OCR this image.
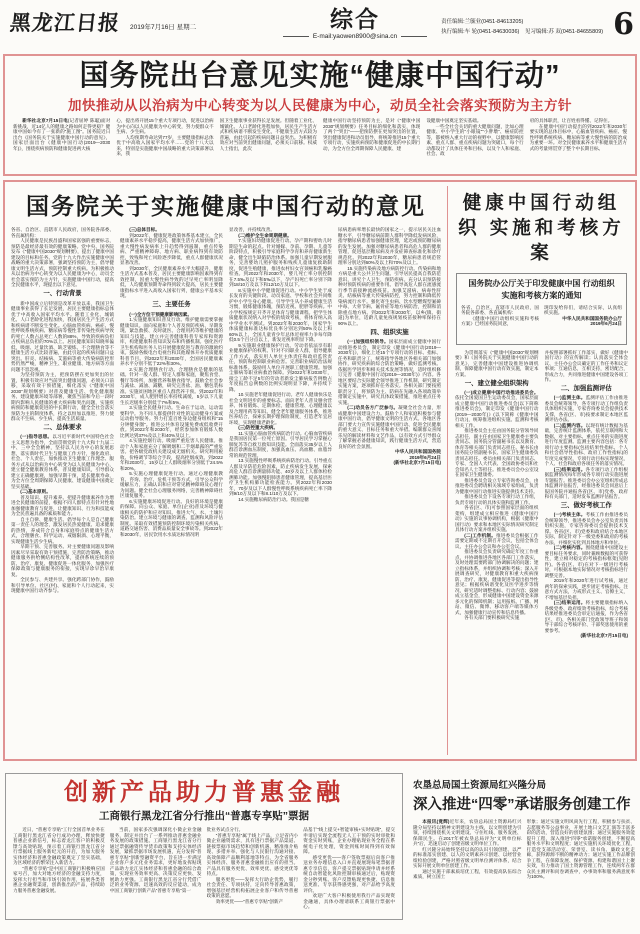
黑龙江日报 2019年7月16日 星期二	综合
E-mail:yaowen8900@sina.cn
责任编辑:兰毓业(0451-84613205)
执行编辑:车 轮(0451-84630036)　见习编辑:苏 双(0451-84655809) 6
国务院出台意见实施“健康中国行动”
加快推动从以治病为中心转变为以人民健康为中心，动员全社会落实预防为主方针

新华社北京7月15日电(记者屈婷 陈聪)面对新挑战，近14亿人的健康之路如何走得更稳？健康中国如今有了一张新的“施工图”。国务院近日出台《国务院关于实施健康中国行动的意见》，国家层面出台《健康中国行动(2019—2030年)》，围绕疾病预防和健康促进两大核

心，提出将开展15个重大专项行动，促进以治病为中心向以人民健康为中心转变，努力使群众不生病、少生病。

人均预期寿命达到77岁，主要健康指标总体优于中高收入国家平均水平……党的十八大以来，特别是实施健康中国战略的重大决策部署以来，我

国卫生健康事业获得长足发展。但随着工业化、城镇化、人口老龄化进程加快，居民生产生活方式和疾病谱不断发生变化，不健康生活方式较为普遍，由此引起的疾病问题日益突出。为积极有效应对当前突出健康问题，必须关口前移。权威人士指出，此次

健康中国行动坚持预防为主，是对《“健康中国2030”规划纲要》任务目标的细化和落实，体现了两个“突出”——把预防摆在更加突出的位置，突出健康促进和动员倡导，将统筹推进15个重大专项行动，实施疾病预防和健康促进的中长期行动，为全方位全周期保障人民健康、建

设健康中国奠定坚实基础。

一些全社会关切的重大健康问题，比如心理健康、中小学生的“小眼镜”“小胖墩”、癌症防控等，都被纳入重大行动的视野中，以健康影响因素、重点人群、重点疾病问题为突破口，每个行动都设计了具体任务和目标，以及个人和家庭、社会、政

府的具体职责，让百姓看得懂、记得住。

在健康中国行动提出的到2022年和2030年要实现的总体目标中，心脑血管疾病、癌症、慢性呼吸系统疾病、糖尿病等重大慢性病的防治成为重要一环。对全民健康素养水平和健康生活方式的考量则贯穿了整个中长期目标。

国务院关于实施健康中国行动的意见

各省、自治区、直辖市人民政府，国务院各部委、各直属机构：

人民健康是民族昌盛和国家富强的重要标志，预防是最经济最有效的健康策略。党中央、国务院发布《“健康中国2030”规划纲要》，提出了健康中国建设的目标和任务。党的十九大作出实施健康中国战略的重大决策部署，强调坚持预防为主，倡导健康文明生活方式，预防控制重大疾病。为积极推动从以治病为中心转变为以人民健康为中心，动员全社会落实预防为主方针，实施健康中国行动，提高全民健康水平，现提出以下意见。

一、行动背景

新中国成立后特别是改革开放以来，我国卫生健康事业获得了长足发展，居民主要健康指标总体优于中高收入国家平均水平。随着工业化、城镇化、人口老龄化进程加快，我国居民生产生活方式和疾病谱不断发生变化。心脑血管疾病、癌症、慢性呼吸系统疾病、糖尿病等慢性非传染性疾病导致的死亡人数占总死亡人数的88%，导致的疾病负担占疾病总负担的70%以上。居民健康知识知晓率偏低，吸烟、过量饮酒、缺乏锻炼、不合理膳食等不健康生活方式比较普遍，由此引起的疾病问题日益突出。肝炎、结核病、艾滋病等重大传染病防控形势仍然严峻，精神卫生、职业健康、地方病等方面问题不容忽视。

为坚持预防为主，把预防摆在更加突出的位置，积极有效应对当前突出健康问题，必须关口前移，采取有效干预措施，细化落实《“健康中国2030”规划纲要》对普及健康生活、优化健康服务、建设健康环境等部署，聚焦当前和今后一段时期内影响人民健康的重大疾病和突出问题，实施疾病预防和健康促进的中长期行动，健全全社会落实预防为主的制度体系，持之以恒加以推进，努力使群众不生病、少生病，提高生活质量。

二、总体要求

(一)指导思想。以习近平新时代中国特色社会主义思想为指导，全面贯彻党的十九大和十九届二中、三中全会精神，坚持以人民为中心的发展思想，落实新时代卫生与健康工作方针，强化政府、社会、个人责任，加快推动卫生健康工作理念、服务方式从以治病为中心转变为以人民健康为中心，建立健全健康教育体系，普及健康知识，引导群众建立正确健康观，加强早期干预，延长健康寿命，为全方位全周期保障人民健康、建设健康中国奠定坚实基础。

(二)基本原则。

普及知识、提升素养。把提升健康素养作为增进全民健康的前提，根据不同人群特点有针对性地加强健康教育与促进，让健康知识、行为和技能成为全民普遍具备的素质和能力。

自主自律、健康生活。倡导每个人是自己健康第一责任人的理念，激发居民热爱健康、追求健康的热情，养成符合自身和家庭特点的健康生活方式，合理膳食、科学运动、戒烟限酒、心理平衡，实现健康生活少生病。

早期干预、完善服务。对主要健康问题及影响因素尽早采取有效干预措施，完善防治策略，推动健康服务供给侧结构性改革，提供系统连续的预防、治疗、康复、健康促进一体化服务，加强医疗保障政策与健康服务的衔接，实现早诊早治早康复。

全民参与、共建共享。强化跨部门协作，鼓励和引导单位、社区(村)、家庭和个人行动起来，实现健康中国行动齐参与。

(三)总体目标。

到2022年，健康促进政策体系基本建立，全民健康素养水平稳步提高，健康生活方式加快推广，重大慢性病发病率上升趋势得到遏制，重点传染病、严重精神障碍、地方病、职业病得到有效防控，致残和死亡风险逐步降低，重点人群健康状况显著改善。

到2030年，全民健康素养水平大幅提升，健康生活方式基本普及，居民主要健康影响因素得到有效控制，因重大慢性病导致的过早死亡率明显降低，人均健康预期寿命得到较大提高，居民主要健康指标水平进入高收入国家行列，健康公平基本实现。

三、主要任务

(一)全方位干预健康影响因素。

1.实施健康知识普及行动。维护健康需要掌握健康知识。面向家庭和个人普及预防疾病、早期发现、紧急救援、及时就医、合理用药等维护健康的知识与技能。建立并完善健康科普专家库和资源库，构建健康科普知识发布和传播机制。强化医疗卫生机构和医务人员开展健康促进与教育的激励约束。鼓励各级电台电视台和其他媒体开办优质健康科普节目。到2022年和2030年，全国居民健康素养水平分别不低于22%和30%。

2.实施合理膳食行动。合理膳食是健康的基础。针对一般人群、特定人群和家庭，聚焦食堂、餐厅等场所，加强营养和膳食指导。鼓励全社会参与减盐、减油、减糖，研究完善盐、油、糖包装标准。实施贫困地区重点人群营养干预。到2022年和2030年，成人肥胖增长率持续减缓，5岁以下儿童生长迟缓率分别低于7%和5%。

3.实施全民健身行动。生命在于运动，运动需要科学。为不同人群提供针对性的运动健身方案或运动指导服务。努力打造百姓身边健身组织和“15分钟健身圈”。推进公共体育设施免费或低收费开放。到2022年和2030年，经常参加体育锻炼人数比例达到37%及以上和40%及以上。

4.实施控烟行动。吸烟严重危害人民健康。推动个人和家庭充分了解吸烟和二手烟暴露的严重危害。把各级党政机关建设成无烟机关。研究利用税收、价格调节等综合手段，提高控烟成效。到2022年和2030年，15岁以上人群吸烟率分别低于24.5%和20%。

5.实施心理健康促进行动。通过心理健康教育、咨询、治疗、危机干预等方式，引导公众科学缓解压力，正确认识和应对常见精神障碍及心理行为问题。健全社会心理服务网络，完善精神障碍社区康复服务。

6.实施健康环境促进行动。良好的环境是健康的保障。向公众、家庭、单位(企业)普及环境与健康相关的防护和应对知识。推进大气、水、土壤污染防治。建立环境与健康的调查、监测和风险评估制度。采取有效措施预防控制环境污染相关疾病、道路交通伤害、消费品质量安全事故等。到2022年和2030年，居民饮用水水质达标情况明

显改善，并持续改善。

(二)维护全生命周期健康。

7.实施妇幼健康促进行动。孕产期和婴幼儿时期是生命的起点。针对婚嫁、孕前、孕期、儿童等阶段特点，积极引导家庭科学孕育和养育健康新生命，健全出生缺陷防治体系。加强儿童早期发展服务，完善婴幼儿照护服务和残疾儿童康复救助制度，促进生殖健康，推进农村妇女宫颈癌和乳腺癌检查。到2022年和2030年，婴儿死亡率分别控制在7.5‰及以下和5‰以下，孕产妇死亡率分别下降到18/10万及以下和12/10万及以下。

8.实施中小学健康促进行动。中小学生处于成长发育的关键阶段。动员家庭、学校和社会共同维护中小学生身心健康。引导学生从小养成健康生活习惯，锻炼健康体魄，预防近视、肥胖等疾病。中小学校按规定开齐开足体育与健康课程。把学生体质健康状况纳入对学校的绩效考核，将体育纳入高中学业水平测试。到2022年和2030年，国家学生体质健康标准达标优良率分别达到50%及以上和60%以上，全国儿童青少年总体近视率力争每年降低0.5个百分点以上，新发近视率明显下降。

9.实施职业健康保护行动。劳动者依法享有职业健康保护的权利。针对不同职业人群，倡导健康工作方式，落实用人单位主体责任和政府监管责任，预防和控制职业病危害。完善职业病防治法规标准体系。鼓励用人单位开展职工健康管理。加强尘肺病等职业病救治保障。到2022年和2030年，接尘工龄不足5年的劳动者新发尘肺病报告例数占年度报告总例数的比例实现明显下降，并持续下降。

10.实施老年健康促进行动。老年人健康快乐是社会文明进步的重要标志。面向老年人普及膳食营养、体育锻炼、定期体检、健康管理、心理健康以及合理用药等知识。健全老年健康服务体系，推进医养结合，探索长期护理保险制度，打造老年宜居环境，实现健康老龄化。

(三)防控重大疾病。

11.实施心脑血管疾病防治行动。心脑血管疾病是我国居民第一位死亡原因。引导居民学习掌握心肺复苏等自救互救知识技能。全面落实35岁以上人群首诊测血压制度，加强高血压、高血糖、血脂异常的规范管理。

13.实施慢性呼吸系统疾病防治行动。引导重点人群及早防范危险因素，防止疾病发生发展，探索高危人群首诊测量肺功能、40岁及以上人群体检检测肺功能。加强慢阻肺患者健康管理，提高基层医疗卫生机构肺功能检查能力。到2022年和2030年，70岁及以下人群慢性呼吸系统疾病死亡率下降到9/10万及以下和8.1/10万及以下。

14.实施糖尿病防治行动。我国是糖

尿病患病率增长最快的国家之一，提示居民关注血糖水平，引导糖尿病前期人群科学降低发病风险，指导糖尿病患者加强健康管理，延迟或预防糖尿病的发生发展。加强对糖尿病患者和高危人群的健康管理，促进基层糖尿病及并发症筛查标准化和诊疗规范化。到2022年和2030年，糖尿病患者规范管理率分别达到60%及以上和70%及以上。

15.实施传染病及地方病防控行动。传染病和地方病是重大公共卫生问题。引导居民提高自我防范意识，讲究个人卫生，预防疾病。充分认识预防接种对预防疾病的重要作用。倡导高危人群在流感流行季节前接种流感疫苗。加强艾滋病、病毒性肝炎、结核病等重大传染病防控，努力控制和降低传染病流行水平。强化寄生虫病、饮水型燃煤型氟砷中毒、大骨节病、氟骨症等地方病防治，控制和消除重点地方病。到2022年和2030年，以乡(镇、街道)为单位，适龄儿童免疫规划疫苗接种率保持在90%以上。

四、组织实施

(一)加强组织领导。国家层面成立健康中国行动推进委员会，制定印发《健康中国行动(2019—2030年)》，细化上述15个专项行动的目标、指标、任务和职责分工，统筹指导各地区各相关部门加强协作，研究疾病的综合防治策略，做好监测考核。依据医学进步和相关技术发展等情况，适时组织修订完善《健康中国行动(2019—2030年)》内容。各地区要结合实际健全领导推进工作机制，研究制定实施方案，逐项抓好任务落实。各相关部门要按照职责分工，将预防为主、防病在先融入各项政策举措制定实施中，研究具体政策措施，推进重点任务实施。

(二)动员各方广泛参与。凝聚全社会力量，形成健康中国建设合力。鼓励个人和家庭积极参与健康中国行动，倡导健康文明的生活方式。各地区各部门要大力宣传实施健康中国行动、促进全民健康的重大意义、目标任务和重大举措。编制群众喜闻乐见的解读材料和文艺作品，以有效方式引导群众了解掌握必备健康知识，践行健康生活方式，营造良好的社会氛围。

中华人民共和国国务院

2019年6月24日

(新华社北京7月15日电)

健康中国行动组织 实施和考核方案
国务院办公厅关于印发健康中国 行动组织实施和考核方案的通知

各省、自治区、直辖市人民政府，国务院各部委、各直属机构：

《健康中国行动组织实施和考核方案》已经国务院同意，

现印发给你们，请结合实际，认真组织实施。

中华人民共和国国务院办公厅

2019年6月24日

为贯彻落实《“健康中国2030”规划纲要》和《国务院关于实施健康中国行动的意见》，完善健康中国建设推进协调机制，保障健康中国行动有效实施，制定本方案。

一、建立健全组织架构

(一)成立健康中国行动推进委员会。依托全国爱国卫生运动委员会，国家层面成立健康中国行动推进委员会(以下简称推进委员会)，制定印发《健康中国行动(2019—2030年)》(以下简称《健康中国行动》)，统筹推进组织实施、监测和考核相关工作。

推进委员会主任由国务院分管领导同志担任，副主任由国家卫生健康委主要负责同志、国务院分管副秘书长以及教育、体育等相关部门负责同志担任。秘书长由国务院分管副秘书长、国家卫生健康委负责同志担任。委员由相关部门负责同志、专家、全国人大代表、全国政协委员和社会知名人士等担任。推进委员会办公室设在国家卫生健康委。

推进委员会设立专家咨询委员会，由推进委员会聘请相关领域专家组成，负责为健康中国行动推进实施提供技术支持。

推进委员会下设各专项行动工作组，负责专项行动的具体实施和监测工作。

各省(区、市)可参照国家层面的组织架构，组建成立相应推进《健康中国行动》实施的议事协调机构，根据《健康中国行动》要求和本地区实际情况研究制定具体行动方案并组织实施。

(二)工作机制。推进委员会根据工作需要定期或不定期召开会议，包括全体会议、主任办公会议和办公室会议。

推进委员会负责研究确定年度工作重点，并协调推进各地区各部门工作落实，及时处理需要跨部门协调解决的问题；建立指标体系，并组织协调和考核；深入开展调查研究，对健康教育和重大疾病预防、治疗、康复、健康促进等提出指导性意见；根据疾病谱变化及医学进步等情况，研究适时调整指标、行动内容；鼓励成立基金会，形成健康中国建设资金来源多元化的保障机制；运用报纸、广播、网站、微信、微博、移动客户端等媒体方式，加强健康行动宣传和信息传播。

各有关部门要积极研究实施

并按照部署抓好工作落实，做好《健康中国行动》的宣传解读；认真落实全体会议、主任办公会议确定的工作任务和议定事项；互通信息，互相支持，密切配合，形成合力，共同推进健康中国建设各项工作。

二、加强监测评估

(一)监测主体。监测评估工作由推进委员会统筹领导，各专项行动工作组负责具体组织实施，专家咨询委员会提供技术支撑，各省(区、市)按要求制定本地区监测评估办法。

(二)监测内容。以现有统计数据为基础，完善统计监测体系，依托互联网和大数据，对主要指标、重点任务的实施进度进行年度监测。监测主要内容包括：各专项行动主要指标(包括结果性指标、个人和社会倡导性指标、政府工作性指标)的年度完成情况，专项行动目标实现情况，个人、社会和政府各项任务的落实情况。

(三)结果运用。各专项行动工作组根据监测情况每年形成各专项行动实施进展专题报告。推进委员会办公室组织形成总体监测评估报告，经推进委员会同意后上报国务院并通报各省(区、市)党委、政府和有关部门，适时发布监测评估报告。

三、做好考核工作

(一)考核主体。考核工作由推进委员会统筹领导，推进委员会办公室负责具体组织实施，专家咨询委员会提供技术支撑。各省(区、市)党委和政府结合本地区实际，制定针对下一级党委和政府的考核办法，并细化实化到具体地方和单位。

(二)考核内容。围绕健康中国建设主要目标任务要求，同时兼顾数据的可获得性，建立相对稳定的考核指标框架(见附件)。各省(区、市)在对下一级进行考核时，可根据本地实际情况对考核指标进行调整完善。

2019年和2020年进行试考核，通过两年的探索实践，逐步固定考核指标。注意方式方法，力戒形式主义、官僚主义，不增加基层负担。

(三)结果运用。将主要健康指标纳入各级党委、政府绩效考核指标，综合考核结果经推进委员会审定后通报，作为各省(区、市)、各相关部门党政领导班子和领导干部综合考核评价、干部奖惩使用的重要参考。

(新华社北京7月15日电)

创新产品助力普惠金融
工商银行黑龙江省分行推出“普惠专享贴”票据

近日，“普惠专享贴”工行全国首单业务在工商银行黑龙江省分行成功办理，释放快捷普惠企业新信号，标志着龙江客户的积极反馈与高效贴现，预示着工商银行黑龙江省分行票据线上服务新纪元的开启，为加大服务实体经济和普惠金融政策奠定了坚实基础，为区域经济的繁荣注入新活力。

“普惠专享贴”是中国工商银行积极响应国家号召，加大对地方经济的金融支持力度，发挥大行担当和市场引领作用，拓展各类普惠企业融资渠道，创新推出的产品，持续助力服务普惠金融发展。

当前，国家多次强调深化小微企业金融服务，制定并出台了一系列推动普惠金融业务发展的政策措施。工商银行黑龙江省分行通过票据融资传导货币政策和支持实体经济发展，紧抓票据市场发展机遇，充分发挥“普惠专享贴”创新型融资平台，旨在进一步满足企业客户多元化业务需求，更好地发挥贴现产品助力龙江实体经济和普惠金融的综合政策，实现业务效率更高、决策反应更快、发展助力更强。工商银行黑龙江省分行凭借广泛的业务资源、迅速高效的反应能动，成为中国工商银行创新产品“普惠专享贴”第一

批业务试点分行。

“普惠专享贴”属于线上产品，立足省内小微企业融资需求，具有进行票据产品渠道、链接票据市场趋势和创新机遇、精准推介贴现、多措并举、强化与人民银行沟通对接、高效保障产品顺利落地等特点，为全省服务实体经济、服务普惠金融推出应有的担当。产品具有服务更优、效率更优、感受更优等特点。

服务更优——发挥大行助企优势，履行社会责任、专项扶持，定向传导普惠政策，增强基层经营机构拓展企业客户和传导普惠政策的意愿。

效率更优——“普惠专享贴”创新产

品基于“线上提交+智能审核+实时贴现”，提交申请后实现全流程无人工干预的实时审批和资金实时到账，企业办理贴现业务全程在系统电子化处理，资金到账时间得到有效保障。

感受更优——客户签收票据后向客户推送业务办理信息入口并直观展现每笔票据普惠专享信息，客户提交票据贴现申请并经系统自动智能化风险控制审核通过后，贴现资金分秒到账。客户反馈贴现更快捷、信息推送更准、专享获得感更强，对产品给予高度评价。

欢迎广大客户积极使用我行产品实现资金融通，具体办理请联系工商银行票据中心。

农垦总局国土资源局红兴隆分局
深入推进“四零”承诺服务创建工作

本报讯(竟辉)近年来，农垦总局国土资源局红兴隆分局坚持以精神文明建设为主线，以文明创建为引领，持续围绕机关文明建设、守住红线、服务发展、保障民生。在2017年被农垦总局评为“文明单位标兵”后，迅速启动了创建省级文明单位工作。

红兴隆分局始终坚持以高的认识引领创建、以严的标准落实创建、以人的文明素养示创建、以经营业绩检验创建，严格对照省级文明单位测评体系，结合实际开展文明单位创建工作。

通过实施干部素质培优工程，有效提高队伍综合素质，树立国土

形象；通过实施文明风尚先行工程，积极参与扶贫、志愿服务等公益事业，开展土地日文艺汇演等丰富多彩的活动，营造良好的创建氛围；通过实施服务效能提升工程，深入推进“四零”承诺服务创建，不断提高服务水平和文明程度；通过实施机关环境优化工程，打造党支部活动室、荣誉室、读书角、廉政文化走廊，获得源源不断的精神动力；通过实施工作品牌创争工程，在保障发展、保护资源、构建和谐国土上聚实效，有力推动了国土资源管理工作，连续两年在群众民主测评和问卷调查中，办事效率和服务满意度率为100%。
